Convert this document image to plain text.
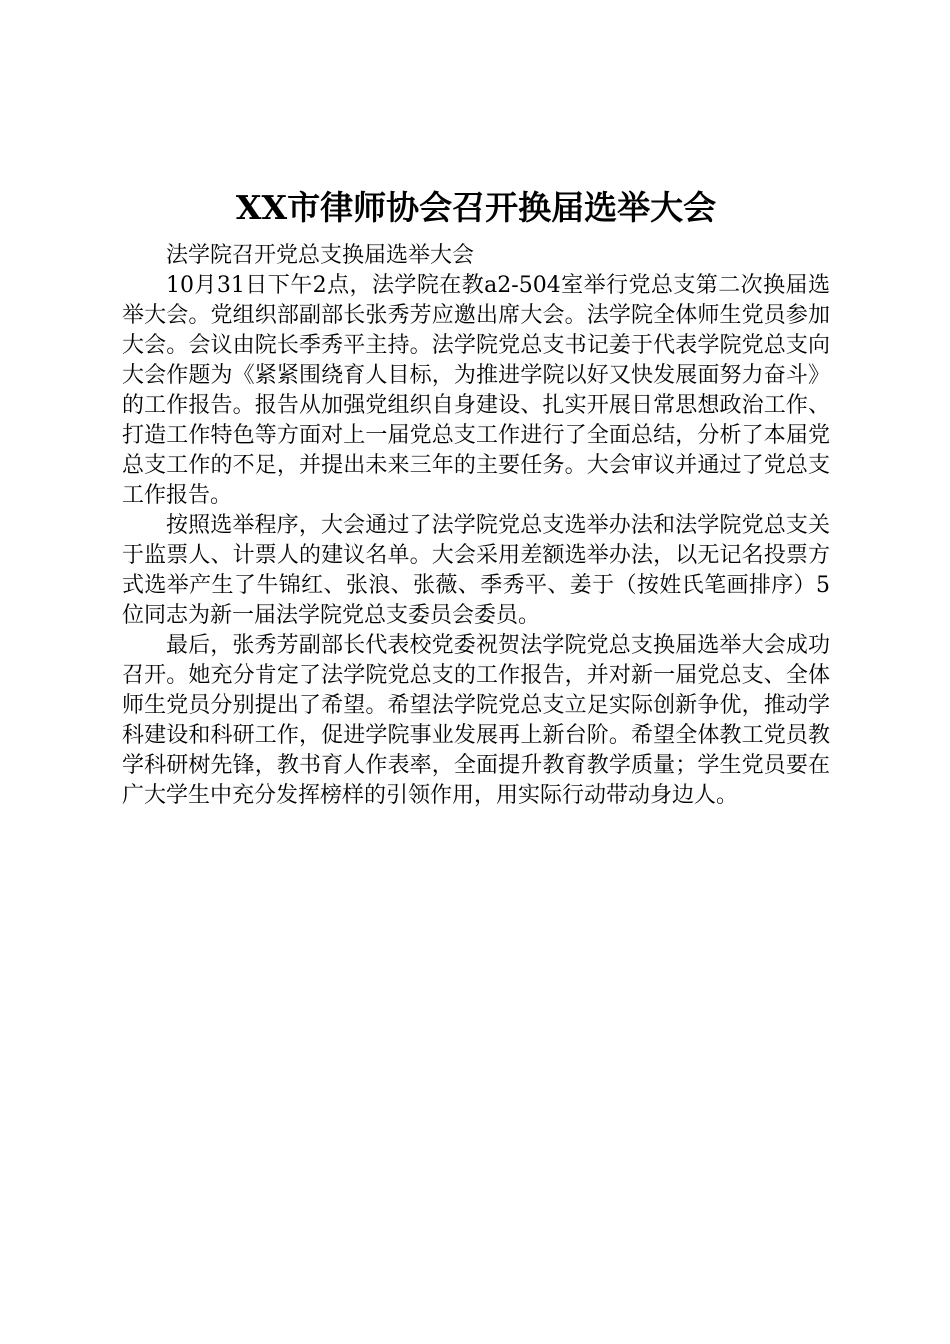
XX市律师协会召开换届选举大会

法学院召开党总支换届选举大会

10月31日下午2点，法学院在教a2-504室举行党总支第二次换届选举大会。党组织部副部长张秀芳应邀出席大会。法学院全体师生党员参加大会。会议由院长季秀平主持。法学院党总支书记姜于代表学院党总支向大会作题为《紧紧围绕育人目标，为推进学院以好又快发展面努力奋斗》的工作报告。报告从加强党组织自身建设、扎实开展日常思想政治工作、打造工作特色等方面对上一届党总支工作进行了全面总结，分析了本届党总支工作的不足，并提出未来三年的主要任务。大会审议并通过了党总支工作报告。

按照选举程序，大会通过了法学院党总支选举办法和法学院党总支关于监票人、计票人的建议名单。大会采用差额选举办法，以无记名投票方式选举产生了牛锦红、张浪、张薇、季秀平、姜于（按姓氏笔画排序）5位同志为新一届法学院党总支委员会委员。

最后，张秀芳副部长代表校党委祝贺法学院党总支换届选举大会成功召开。她充分肯定了法学院党总支的工作报告，并对新一届党总支、全体师生党员分别提出了希望。希望法学院党总支立足实际创新争优，推动学科建设和科研工作，促进学院事业发展再上新台阶。希望全体教工党员教学科研树先锋，教书育人作表率，全面提升教育教学质量；学生党员要在广大学生中充分发挥榜样的引领作用，用实际行动带动身边人。
